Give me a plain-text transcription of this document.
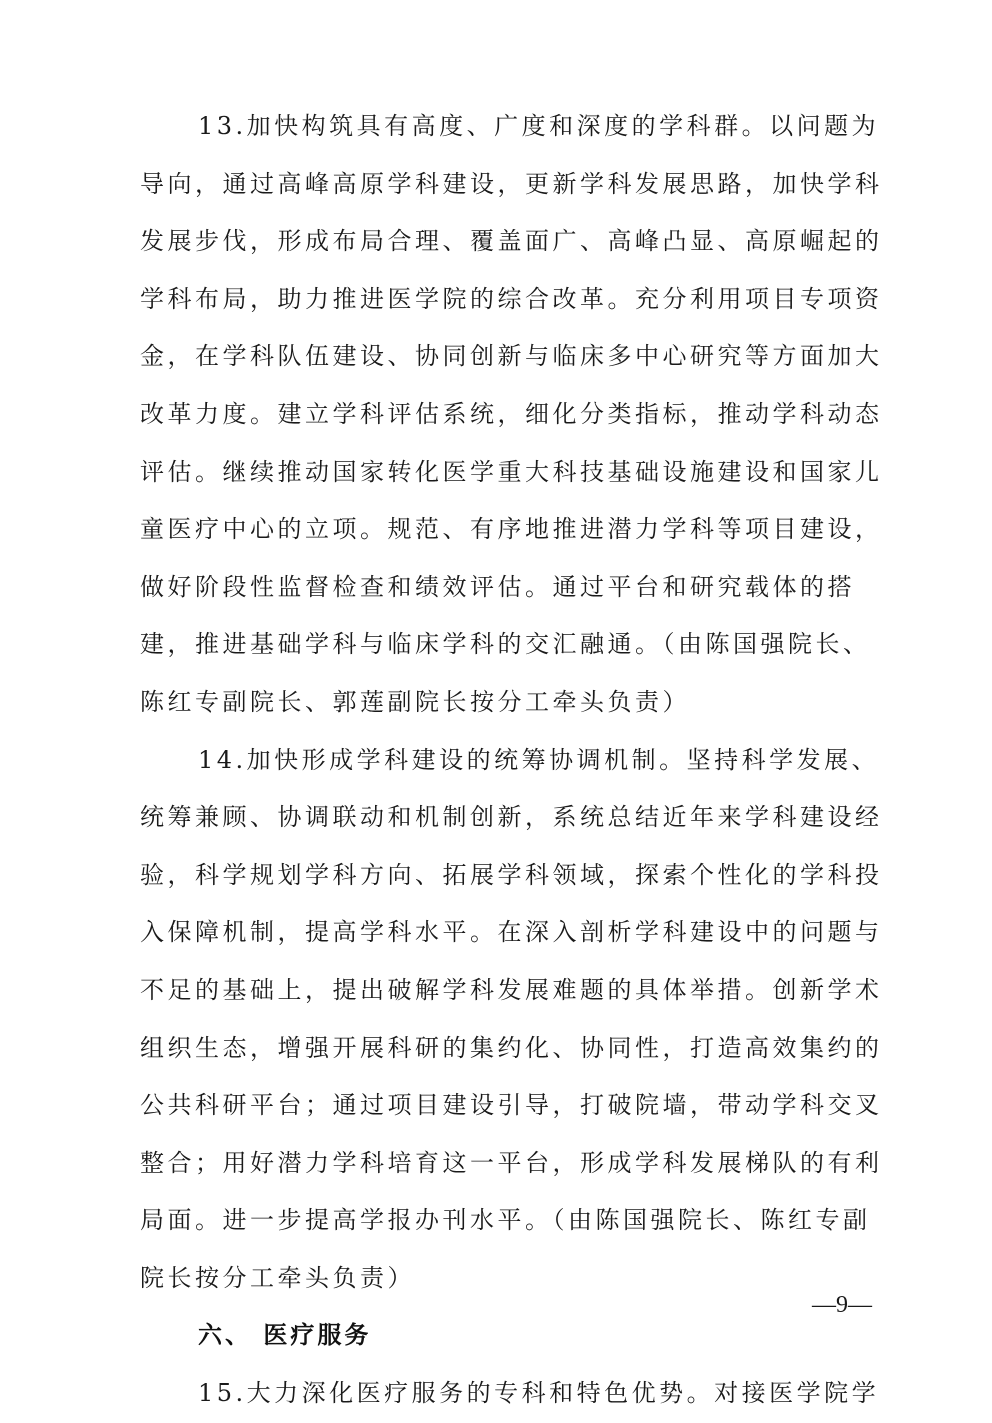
13.加快构筑具有高度、广度和深度的学科群。以问题为
导向，通过高峰高原学科建设，更新学科发展思路，加快学科
发展步伐，形成布局合理、覆盖面广、高峰凸显、高原崛起的
学科布局，助力推进医学院的综合改革。充分利用项目专项资
金，在学科队伍建设、协同创新与临床多中心研究等方面加大
改革力度。建立学科评估系统，细化分类指标，推动学科动态
评估。继续推动国家转化医学重大科技基础设施建设和国家儿
童医疗中心的立项。规范、有序地推进潜力学科等项目建设，
做好阶段性监督检查和绩效评估。通过平台和研究载体的搭
建，推进基础学科与临床学科的交汇融通。（由陈国强院长、
陈红专副院长、郭莲副院长按分工牵头负责）
14.加快形成学科建设的统筹协调机制。坚持科学发展、
统筹兼顾、协调联动和机制创新，系统总结近年来学科建设经
验，科学规划学科方向、拓展学科领域，探索个性化的学科投
入保障机制，提高学科水平。在深入剖析学科建设中的问题与
不足的基础上，提出破解学科发展难题的具体举措。创新学术
组织生态，增强开展科研的集约化、协同性，打造高效集约的
公共科研平台；通过项目建设引导，打破院墙，带动学科交叉
整合；用好潜力学科培育这一平台，形成学科发展梯队的有利
局面。进一步提高学报办刊水平。（由陈国强院长、陈红专副
院长按分工牵头负责）
六、 医疗服务
15.大力深化医疗服务的专科和特色优势。对接医学院学
—9—
